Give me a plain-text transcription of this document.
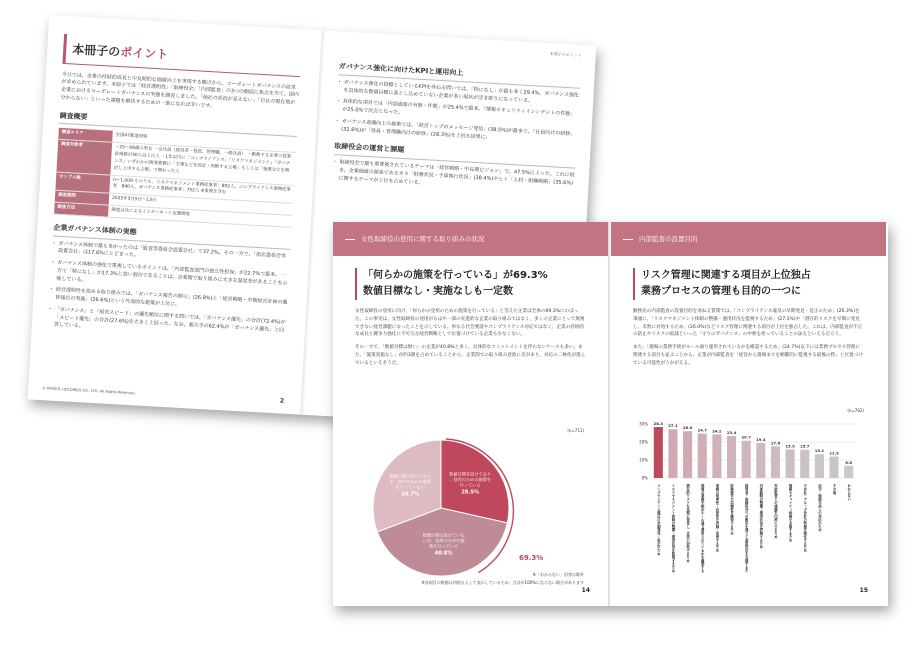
本冊子のポイント
今日では、企業の持続的成長と中長期的な価値向上を実現する観点から、コーポレートガバナンスの改革が求められています。本冊子では「経営透明性」「取締役会」「内部監査」の3つの側面に焦点を当て、国内企業におけるコーポレートガバナンスの実態を調査しました。「他社の状況が見えない」「自社の現在地が分からない」といった課題を解決するための一助になれば幸いです。
調査概要
調査エリア	全国47都道府県
調査対象者	・25～69歳の男女 ・会社員（経営者・役員、管理職、一般社員） ・勤務する企業の従業員規模が30人以上の人 ・1年以内に「コンプライアンス」「リスクマネジメント」「ガバナンス」いずれかの関連業務に「主導などを決定・判断する立場」もしくは「施策などを検討し上申する立場」で関わった人
サンプル数	n＝1,009 そのうち、リスクマネジメント業務従事者：802人、コンプライアンス業務従事者：840人、ガバナンス業務従事者：752人 ※重複を含む
調査期間	2025年3月5日～13日
調査方法	調査会社によるインターネット定量調査
企業ガバナンス体制の実態
・ ガバナンス体制で最も多かったのは「監査等委員会設置会社」で37.2%。その一方で、「指名委員会等設置会社」は17.6%にとどまった。
・ ガバナンス体制の強化で重視しているポイントは、「内部監査部門の独立性担保」が22.7%で最多。一方で「特になし」が17.3%と高い割合であることは、企業間で取り組みに大きな温度差があることを示唆している。
・ 経営透明性を高める取り組みでは、「ガバナンス報告の開示」(26.8%)と「経営戦略・中期経営計画の進捗報告の実施」(26.6%)という外部的な施策が上位に。
・ 「ガバナンス」と「経営スピード」の優先順位に関する問いでは、「ガバナンス優先」の合計(72.4%)が「スピード優先」の合計(27.6%)を大きく上回った。なお、超大手の62.4%が「ガバナンス優先」と回答している。
© PERSOL HOLDINGS CO., LTD. All Rights Reserved.
2
本冊子のポイント
ガバナンス強化に向けたKPIと運用向上
・ ガバナンス強化の指標としているKPIを尋ねる問いでは、「特になし」が最も多く29.4%。ガバナンス強化を具体的な数値目標に落とし込めていない企業が多い現状が浮き彫りになっている。
・ 具体的な項目では「内部通報の有無・件数」が25.4%で最多。「情報セキュリティインシデントの件数」が25.0%で次点となった。
・ ガバナンス意識向上の施策では、「経営トップのメッセージ発信」(38.5%)が最多で、「社員向けの研修」(32.6%)が「役員・管理職向けの研修」(28.3%)を上回る結果に。
取締役会の運営と課題
・ 取締役会で最も重要視されているテーマは「経営戦略・中長期ビジョン」で、47.5%に上った。これに続き、企業価値の源泉であるカネ「財務状況・予算執行状況」(38.4%)やヒト「人材・組織戦略」(35.6%)に関するテーマが上位を占めている。
女性取締役の登用に関する取り組みの状況
「何らかの施策を行っている」が69.3%
数値目標なし・実施なしも一定数

女性取締役の登用に向け、「何らかの登用のための施策を行っている」と答えた企業は全体の69.3%にのぼった。この事実は、女性取締役の登用がもはや一部の先進的な企業の取り組みではなく、多くの企業にとって無視できない経営課題になったことを示している。単なる社会要請やコンプライアンス対応ではなく、企業の持続的な成長と競争力強化に不可欠な経営戦略として位置づけている企業も少なくない。

その一方で、「数値目標は無い」の企業が40.8%と多く、具体的なコミットメントを伴わないケースも多い。また、「施策実施なし」が約3割を占めていることから、企業間での取り組み意欲に差があり、対応の二極化が進んでいるといえそうだ。

(n=711)
数値目標を設けており、登用のための施策を行っている 28.5%
数値目標は設けていないが、登用のための施策を行っている 40.8%
数値目標は設けておらず、登用のための施策も行っていない 30.7%
69.3%
※「わからない」回答は除外
※各項目の数値は四捨五入して表示しているため、合計が100%にならない場合があります
14
内部監査の設置目的
リスク管理に関連する項目が上位独占
業務プロセスの管理も目的の一つに

勤務先の内部監査の設置目的を尋ねる質問では、「コンプライアンス違反の早期発見・是正のため」(26.3%)を筆頭に、「リスクマネジメント体制の整備・運用状況を監視するため」(27.1%)や「潜在的リスクを早期に発見し、未然に対処するため」(26.0%)などリスク管理に関連する項目が上位を独占した。これは、内部監査が不正の防止やリスクの低減といった「守りのガバナンス」の中枢を担っていることの証左といえるだろう。

また、「現場の業務手続がルール通り運用されているかを確認するため」(24.7%)以下には業務プロセス管理に関連する項目も並ぶことから、企業が内部監査を「経営から現場までを網羅的に監視する最後の砦」と位置づけている可能性がうかがえる。

(n=762)
30%
20%
10%
0%
28.3
コンプライアンス違反の早期発見・是正のため
27.1
リスクマネジメント体制の整備・運用状況を監視するため
26.0
潜在的リスクを早期に発見し、未然に対処するため
24.7
現場の業務手続がルール通り運用されているかを確認する
24.2
業務の効率性・有効性を評価・改善するため
23.4
財務報告の信頼性を確保するため
20.7
経営者・取締役会への報告を通じて意思決定を支援するた
19.4
内部統制の整備・運用状況を評価するため
17.6
外部監査との連携を円滑にするため
15.9
情報セキュリティ体制を点検するため
15.7
子会社・グループ会社の管理を強化するため
13.2
法令・規制当局への対応のため
11.9
その他
6.8
わからない
15
